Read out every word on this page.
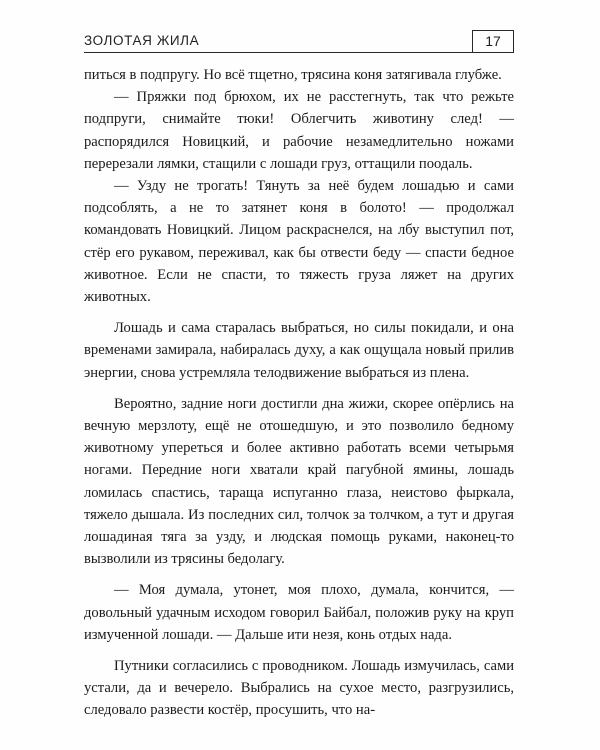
ЗОЛОТАЯ ЖИЛА	17

питься в подпругу. Но всё тщетно, трясина коня затягивала глубже.

— Пряжки под брюхом, их не расстегнуть, так что режьте подпруги, снимайте тюки! Облегчить животину след! — распорядился Новицкий, и рабочие незамедлительно ножами перерезали лямки, стащили с лошади груз, оттащили поодаль.

— Узду не трогать! Тянуть за неё будем лошадью и сами подсоблять, а не то затянет коня в болото! — продолжал командовать Новицкий. Лицом раскраснелся, на лбу выступил пот, стёр его рукавом, переживал, как бы отвести беду — спасти бедное животное. Если не спасти, то тяжесть груза ляжет на других животных.

Лошадь и сама старалась выбраться, но силы покидали, и она временами замирала, набиралась духу, а как ощущала новый прилив энергии, снова устремляла телодвижение выбраться из плена.

Вероятно, задние ноги достигли дна жижи, скорее опёрлись на вечную мерзлоту, ещё не отошедшую, и это позволило бедному животному упереться и более активно работать всеми четырьмя ногами. Передние ноги хватали край пагубной ямины, лошадь ломилась спастись, тараща испуганно глаза, неистово фыркала, тяжело дышала. Из последних сил, толчок за толчком, а тут и другая лошадиная тяга за узду, и людская помощь руками, наконец-то вызволили из трясины бедолагу.

— Моя думала, утонет, моя плохо, думала, кончится, — довольный удачным исходом говорил Байбал, положив руку на круп измученной лошади. — Дальше ити незя, конь отдых нада.

Путники согласились с проводником. Лошадь измучилась, сами устали, да и вечерело. Выбрались на сухое место, разгрузились, следовало развести костёр, просушить, что на-
